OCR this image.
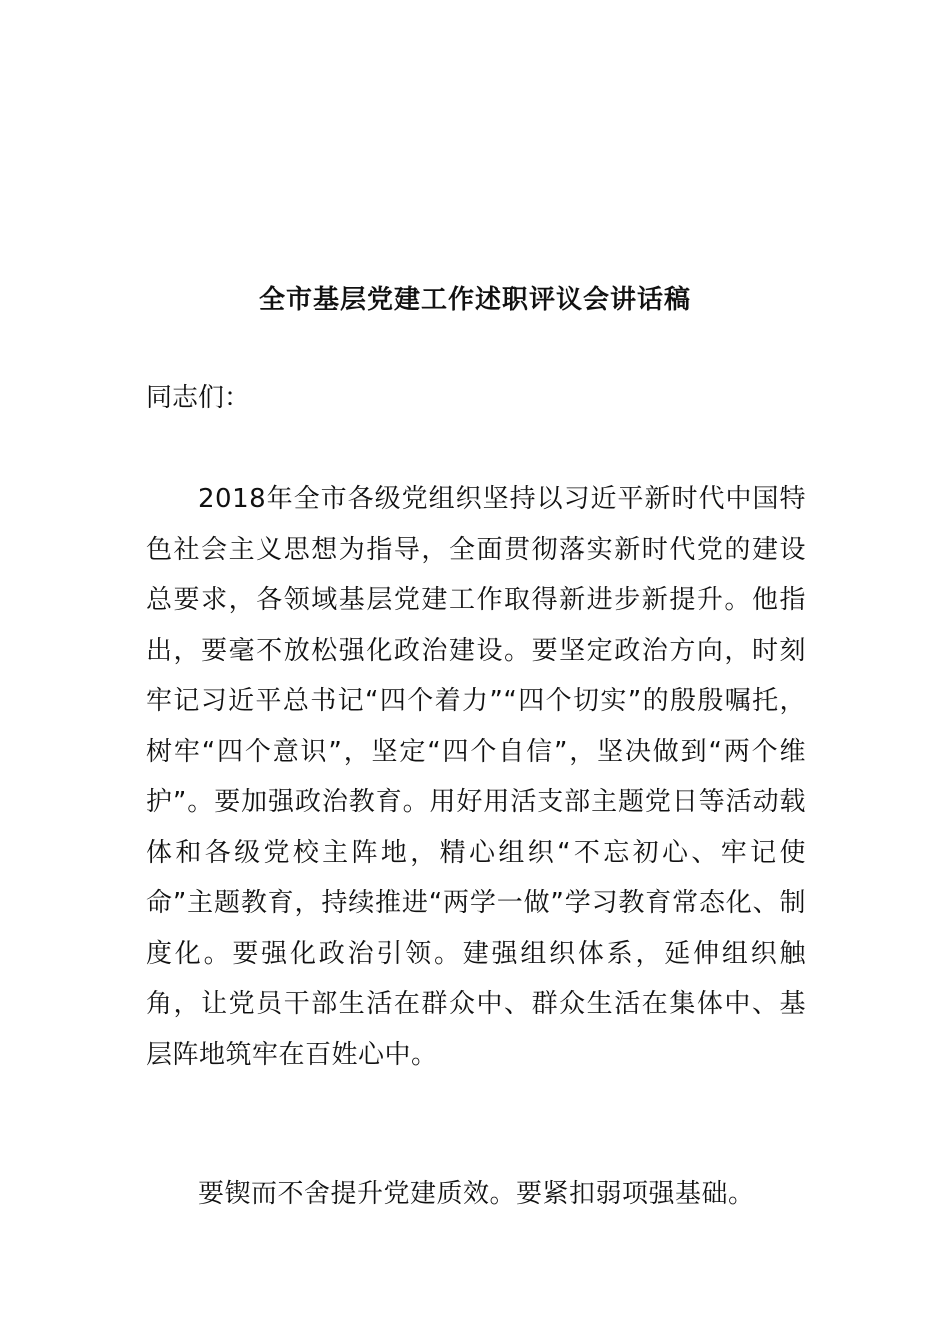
全市基层党建工作述职评议会讲话稿
同志们：

2018年全市各级党组织坚持以习近平新时代中国特色社会主义思想为指导，全面贯彻落实新时代党的建设总要求，各领域基层党建工作取得新进步新提升。他指出，要毫不放松强化政治建设。要坚定政治方向，时刻牢记习近平总书记“四个着力”“四个切实”的殷殷嘱托，树牢“四个意识”，坚定“四个自信”，坚决做到“两个维护”。要加强政治教育。用好用活支部主题党日等活动载体和各级党校主阵地，精心组织“不忘初心、牢记使命”主题教育，持续推进“两学一做”学习教育常态化、制度化。要强化政治引领。建强组织体系，延伸组织触角，让党员干部生活在群众中、群众生活在集体中、基层阵地筑牢在百姓心中。

要锲而不舍提升党建质效。要紧扣弱项强基础。
